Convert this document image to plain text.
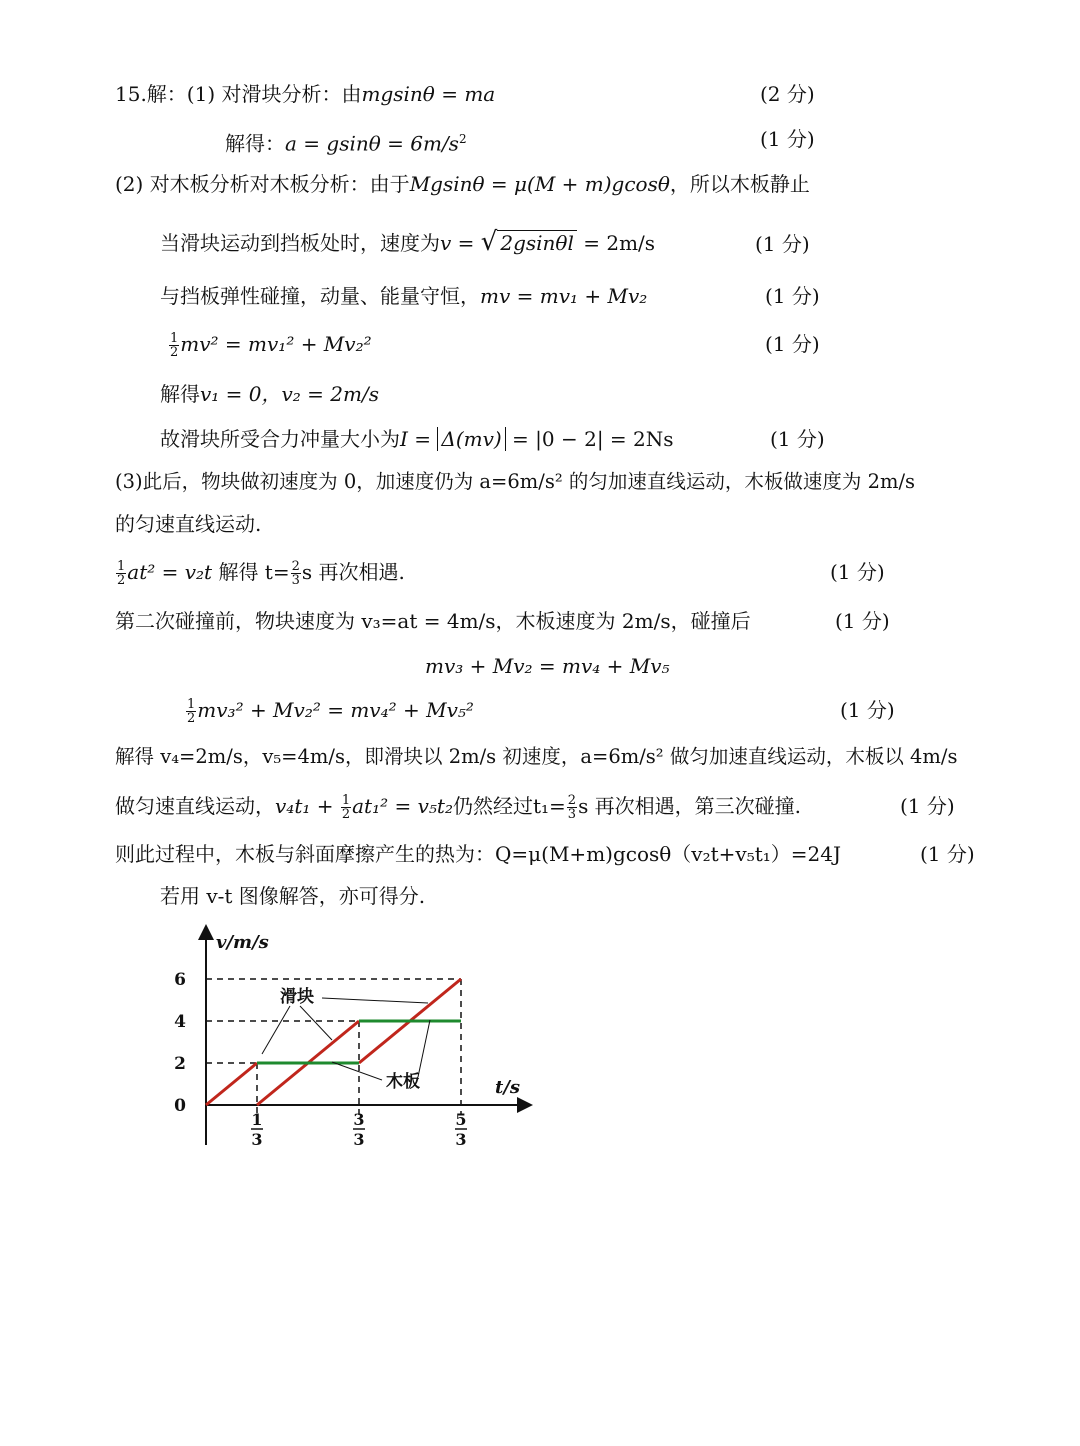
15.解：(1) 对滑块分析：由mgsinθ = ma	(2 分)
解得：$a = gsin\theta = 6m/s^2$	(1 分)
(2) 对木板分析对木板分析：由于Mgsinθ = μ(M + m)gcosθ，所以木板静止
当滑块运动到挡板处时，速度为v = √ 2gsinθl = 2m/s	(1 分)
与挡板弹性碰撞，动量、能量守恒，mv = mv₁ + Mv₂	(1 分)
$\frac{1}{2} mv^2 = mv_1^2 + Mv_2^2$	(1 分)
解得v₁ = 0，v₂ = 2m/s
故滑块所受合力冲量大小为I = Δ(mv) = |0 − 2| = 2Ns	(1 分)
(3)此后，物块做初速度为 0，加速度仍为 a=6m/s² 的匀加速直线运动，木板做速度为 2m/s
的匀速直线运动.
$\frac{1}{2} at^2 = v_2t$ 解得 $t= \frac{2}{3}$ s 再次相遇.	(1 分)
第二次碰撞前，物块速度为 v₃=at = 4m/s，木板速度为 2m/s，碰撞后	(1 分)
mv₃ + Mv₂ = mv₄ + Mv₅
$\frac{1}{2} mv_3^2 + Mv_2^2 = mv_4^2 + Mv_5^2$	(1 分)
解得 v₄=2m/s，v₅=4m/s，即滑块以 2m/s 初速度，a=6m/s² 做匀加速直线运动，木板以 4m/s
做匀速直线运动，$v_4t_1 + \frac{1}{2} at_1^2 = v_5t_2$仍然经过$t_1= \frac{2}{3}$ s 再次相遇，第三次碰撞.	(1 分)
则此过程中，木板与斜面摩擦产生的热为：Q=μ(M+m)gcosθ（v₂t+v₅t₁）=24J	(1 分)
若用 v-t 图像解答，亦可得分.
v/m/s
t/s
0
2
4
6
1
3
3
3
5
3
滑块
木板
